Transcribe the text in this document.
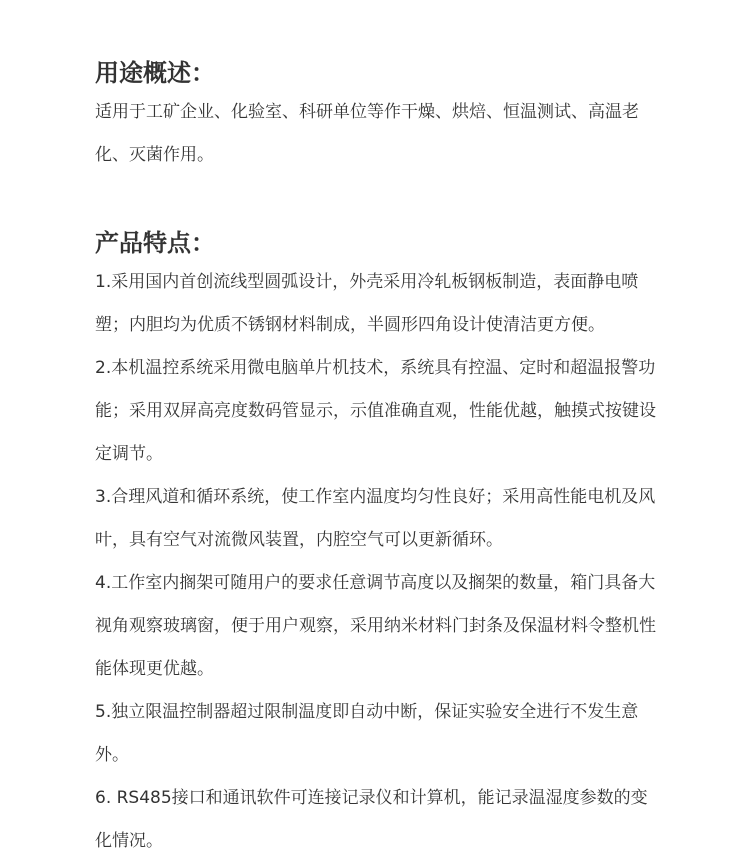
用途概述：

适用于工矿企业、化验室、科研单位等作干燥、烘焙、恒温测试、高温老化、灭菌作用。

产品特点：

1.采用国内首创流线型圆弧设计，外壳采用冷轧板钢板制造，表面静电喷塑；内胆均为优质不锈钢材料制成，半圆形四角设计使清洁更方便。

2.本机温控系统采用微电脑单片机技术，系统具有控温、定时和超温报警功能；采用双屏高亮度数码管显示，示值准确直观，性能优越，触摸式按键设定调节。

3.合理风道和循环系统，使工作室内温度均匀性良好；采用高性能电机及风叶，具有空气对流微风装置，内腔空气可以更新循环。

4.工作室内搁架可随用户的要求任意调节高度以及搁架的数量，箱门具备大视角观察玻璃窗，便于用户观察，采用纳米材料门封条及保温材料令整机性能体现更优越。

5.独立限温控制器超过限制温度即自动中断，保证实验安全进行不发生意外。

6. RS485接口和通讯软件可连接记录仪和计算机，能记录温湿度参数的变化情况。
